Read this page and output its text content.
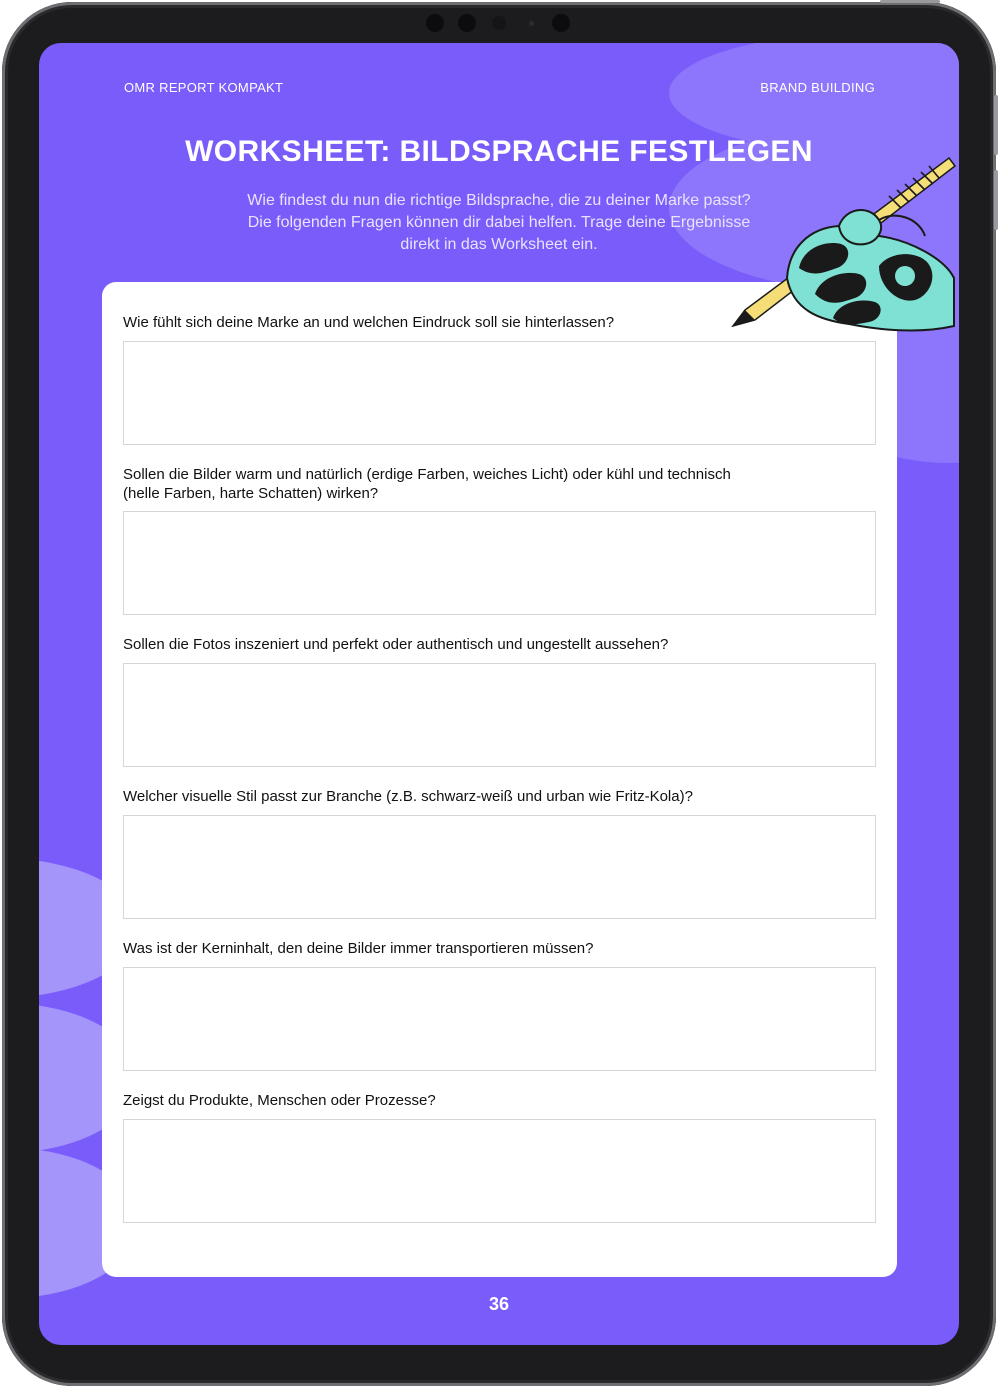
OMR REPORT KOMPAKT	BRAND BUILDING
WORKSHEET: BILDSPRACHE FESTLEGEN
Wie findest du nun die richtige Bildsprache, die zu deiner Marke passt?
Die folgenden Fragen können dir dabei helfen. Trage deine Ergebnisse
direkt in das Worksheet ein.
Wie fühlt sich deine Marke an und welchen Eindruck soll sie hinterlassen?
Sollen die Bilder warm und natürlich (erdige Farben, weiches Licht) oder kühl und technisch
(helle Farben, harte Schatten) wirken?
Sollen die Fotos inszeniert und perfekt oder authentisch und ungestellt aussehen?
Welcher visuelle Stil passt zur Branche (z.B. schwarz-weiß und urban wie Fritz-Kola)?
Was ist der Kerninhalt, den deine Bilder immer transportieren müssen?
Zeigst du Produkte, Menschen oder Prozesse?
36
